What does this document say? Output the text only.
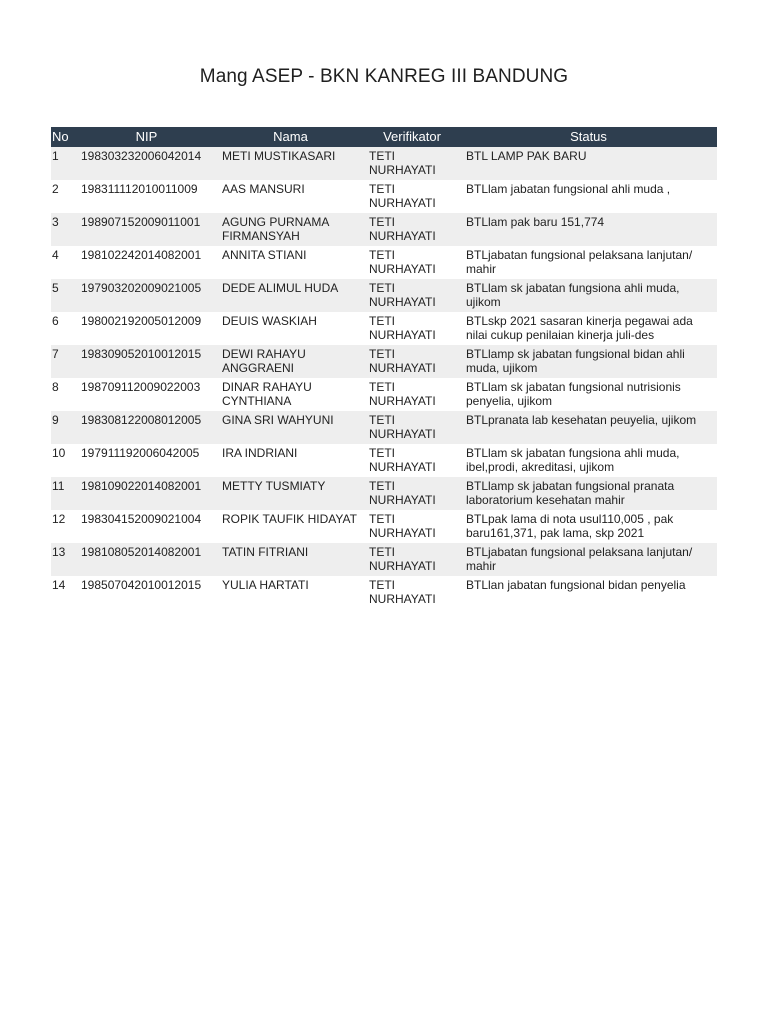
Mang ASEP - BKN KANREG III BANDUNG
No	NIP	Nama	Verifikator	Status
1	198303232006042014	METI MUSTIKASARI	TETI NURHAYATI	BTL LAMP PAK BARU
2	198311112010011009	AAS MANSURI	TETI NURHAYATI	BTLlam jabatan fungsional ahli muda ,
3	198907152009011001	AGUNG PURNAMA FIRMANSYAH	TETI NURHAYATI	BTLlam pak baru 151,774
4	198102242014082001	ANNITA STIANI	TETI NURHAYATI	BTLjabatan fungsional pelaksana lanjutan/ mahir
5	197903202009021005	DEDE ALIMUL HUDA	TETI NURHAYATI	BTLlam sk jabatan fungsiona ahli muda, ujikom
6	198002192005012009	DEUIS WASKIAH	TETI NURHAYATI	BTLskp 2021 sasaran kinerja pegawai ada nilai cukup penilaian kinerja juli-des
7	198309052010012015	DEWI RAHAYU ANGGRAENI	TETI NURHAYATI	BTLlamp sk jabatan fungsional bidan ahli muda, ujikom
8	198709112009022003	DINAR RAHAYU CYNTHIANA	TETI NURHAYATI	BTLlam sk jabatan fungsional nutrisionis penyelia, ujikom
9	198308122008012005	GINA SRI WAHYUNI	TETI NURHAYATI	BTLpranata lab kesehatan peuyelia, ujikom
10	197911192006042005	IRA INDRIANI	TETI NURHAYATI	BTLlam sk jabatan fungsiona ahli muda, ibel,prodi, akreditasi, ujikom
11	198109022014082001	METTY TUSMIATY	TETI NURHAYATI	BTLlamp sk jabatan fungsional pranata laboratorium kesehatan mahir
12	198304152009021004	ROPIK TAUFIK HIDAYAT	TETI NURHAYATI	BTLpak lama di nota usul110,005 , pak baru161,371, pak lama, skp 2021
13	198108052014082001	TATIN FITRIANI	TETI NURHAYATI	BTLjabatan fungsional pelaksana lanjutan/ mahir
14	198507042010012015	YULIA HARTATI	TETI NURHAYATI	BTLlan jabatan fungsional bidan penyelia
